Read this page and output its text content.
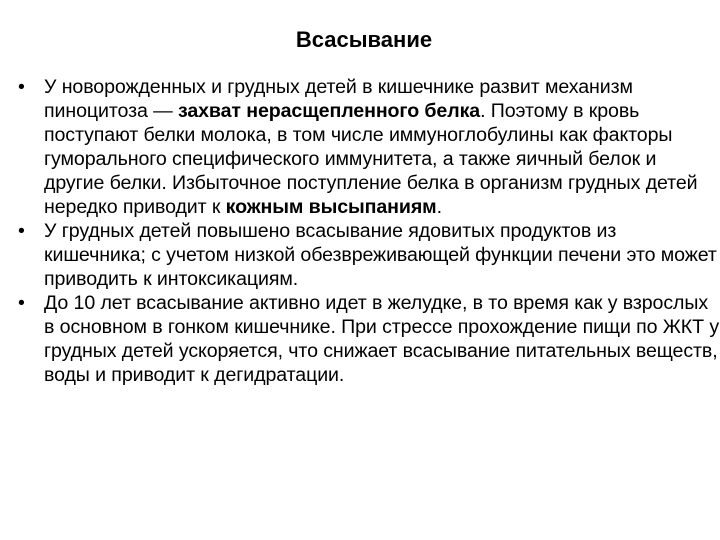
Всасывание
• У новорожденных и грудных детей в кишечнике развит механизм пиноцитоза — захват нерасщепленного белка. Поэтому в кровь поступают белки молока, в том числе иммуноглобулины как факторы гуморального специфического иммунитета, а также яичный белок и другие белки. Избыточное поступление белка в организм грудных детей нередко приводит к кожным высыпаниям.
• У грудных детей повышено всасывание ядовитых продуктов из кишечника; с учетом низкой обезвреживающей функции печени это может приводить к интоксикациям.
• До 10 лет всасывание активно идет в желудке, в то время как у взрослых в основном в гонком кишечнике. При стрессе прохождение пищи по ЖКТ у грудных детей ускоряется, что снижает всасывание питательных веществ, воды и приводит к дегидратации.
